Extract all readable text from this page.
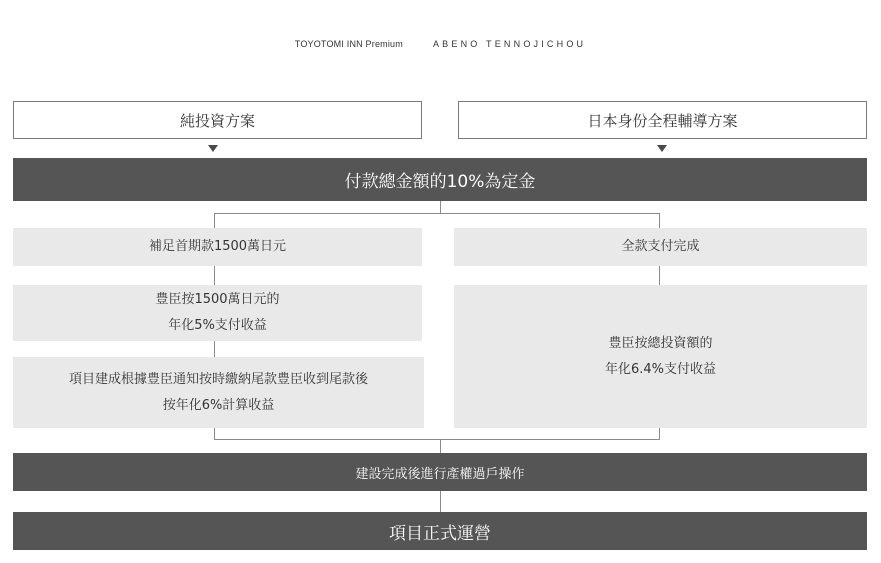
TOYOTOMI INN Premium	ABENO TENNOJICHOU
純投資方案	日本身份全程輔導方案
付款總金額的10%為定金
補足首期款1500萬日元
豊臣按1500萬日元的
年化5%支付收益
項目建成根據豊臣通知按時繳納尾款豊臣收到尾款後
按年化6%計算收益
全款支付完成
豊臣按總投資額的
年化6.4%支付收益
建設完成後進行產權過戶操作
項目正式運營
